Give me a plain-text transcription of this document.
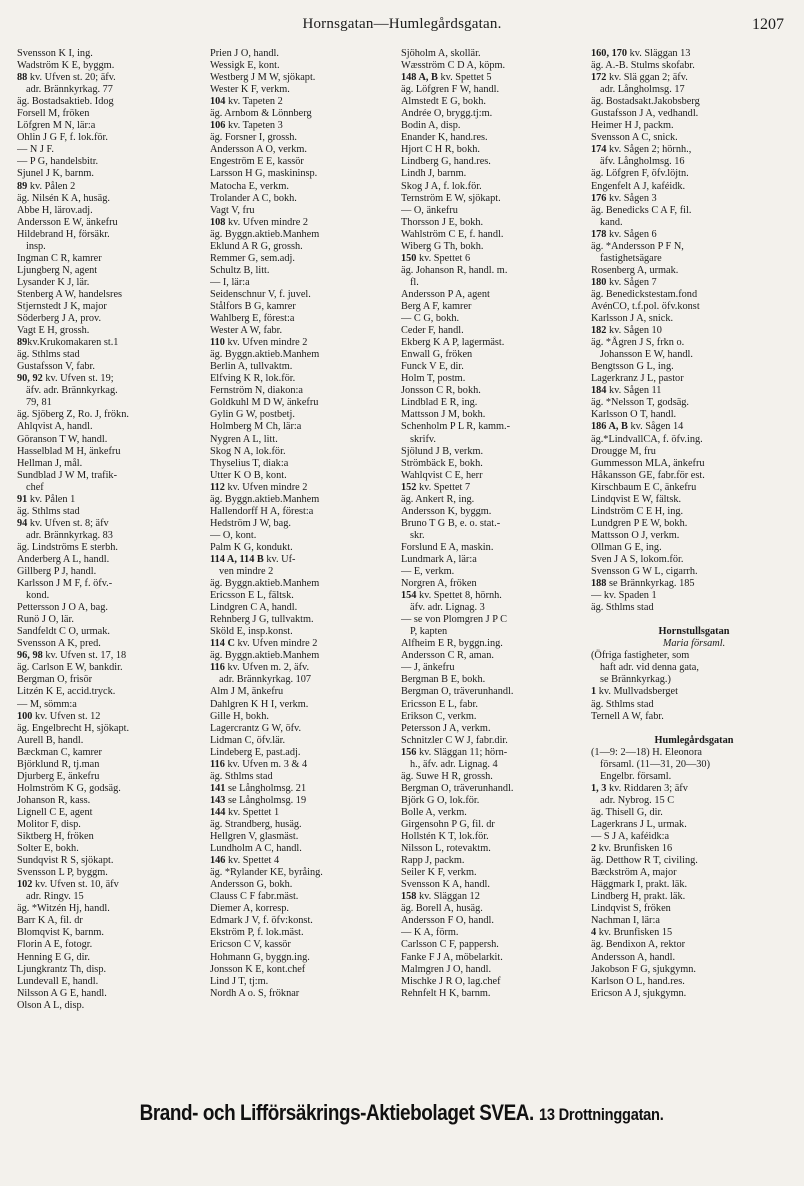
Hornsgatan—Humlegårdsgatan.	1207
Svensson K I, ing.
Wadström K E, byggm.
88 kv. Ufven st. 20; äfv.
adr. Brännkyrkag. 77
äg. Bostadsaktieb. Idog
Forsell M, fröken
Löfgren M N, lär:a
Ohlin J G F, f. lok.för.
— N J F.
— P G, handelsbitr.
Sjunel J K, barnm.
89 kv. Pålen 2
äg. Nilsén K A, husäg.
Abbe H, lärov.adj.
Andersson E W, änkefru
Hildebrand H, försäkr.
insp.
Ingman C R, kamrer
Ljungberg N, agent
Lysander K J, lär.
Stenberg A W, handelsres
Stjernstedt J K, major
Söderberg J A, prov.
Vagt E H, grossh.
89kv.Krukomakaren st.1
äg. Sthlms stad
Gustafsson V, fabr.
90, 92 kv. Ufven st. 19;
äfv. adr. Brännkyrkag.
79, 81
äg. Sjöberg Z, Ro. J, frökn.
Ahlqvist A, handl.
Göranson T W, handl.
Hasselblad M H, änkefru
Hellman J, mål.
Sundblad J W M, trafik-
chef
91 kv. Pålen 1
äg. Sthlms stad
94 kv. Ufven st. 8; äfv
adr. Brännkyrkag. 83
äg. Lindströms E sterbh.
Anderberg A L, handl.
Gillberg P J, handl.
Karlsson J M F, f. öfv.-
kond.
Pettersson J O A, bag.
Runö J O, lär.
Sandfeldt C O, urmak.
Svensson A K, pred.
96, 98 kv. Ufven st. 17, 18
äg. Carlson E W, bankdir.
Bergman O, frisör
Litzén K E, accid.tryck.
— M, sömm:a
100 kv. Ufven st. 12
äg. Engelbrecht H, sjökapt.
Aurell B, handl.
Bæckman C, kamrer
Björklund R, tj.man
Djurberg E, änkefru
Holmström K G, godsäg.
Johanson R, kass.
Lignell C E, agent
Molitor F, disp.
Siktberg H, fröken
Solter E, bokh.
Sundqvist R S, sjökapt.
Svensson L P, byggm.
102 kv. Ufven st. 10, äfv
adr. Ringv. 15
äg. *Witzén Hj, handl.
Barr K A, fil. dr
Blomqvist K, barnm.
Florin A E, fotogr.
Henning E G, dir.
Ljungkrantz Th, disp.
Lundevall E, handl.
Nilsson A G E, handl.
Olson A L, disp.
Prien J O, handl.
Wessigk E, kont.
Westberg J M W, sjökapt.
Wester K F, verkm.
104 kv. Tapeten 2
äg. Arnbom & Lönnberg
106 kv. Tapeten 3
äg. Forsner I, grossh.
Andersson A O, verkm.
Engeström E E, kassör
Larsson H G, maskininsp.
Matocha E, verkm.
Trolander A C, bokh.
Vagt V, fru
108 kv. Ufven mindre 2
äg. Byggn.aktieb.Manhem
Eklund A R G, grossh.
Remmer G, sem.adj.
Schultz B, litt.
— I, lär:a
Seidenschnur V, f. juvel.
Stålfors B G, kamrer
Wahlberg E, förest:a
Wester A W, fabr.
110 kv. Ufven mindre 2
äg. Byggn.aktieb.Manhem
Berlin A, tullvaktm.
Elfving K R, lok.för.
Fernström N, diakon:a
Goldkuhl M D W, änkefru
Gylin G W, postbetj.
Holmberg M Ch, lär:a
Nygren A L, litt.
Skog N A, lok.för.
Thyselius T, diak:a
Utter K O B, kont.
112 kv. Ufven mindre 2
äg. Byggn.aktieb.Manhem
Hallendorff H A, förest:a
Hedström J W, bag.
— O, kont.
Palm K G, kondukt.
114 A, 114 B kv. Uf-
ven mindre 2
äg. Byggn.aktieb.Manhem
Ericsson E L, fältsk.
Lindgren C A, handl.
Rehnberg J G, tullvaktm.
Sköld E, insp.konst.
114 C kv. Ufven mindre 2
äg. Byggn.aktieb.Manhem
116 kv. Ufven m. 2, äfv.
adr. Brännkyrkag. 107
Alm J M, änkefru
Dahlgren K H I, verkm.
Gille H, bokh.
Lagercrantz G W, öfv.
Lidman C, öfv.lär.
Lindeberg E, past.adj.
116 kv. Ufven m. 3 & 4
äg. Sthlms stad
141 se Långholmsg. 21
143 se Långholmsg. 19
144 kv. Spettet 1
äg. Strandberg, husäg.
Hellgren V, glasmäst.
Lundholm A C, handl.
146 kv. Spettet 4
äg. *Rylander KE, byråing.
Andersson G, bokh.
Clauss C F fabr.mäst.
Diemer A, korresp.
Edmark J V, f. öfv:konst.
Ekström P, f. lok.mäst.
Ericson C V, kassör
Hohmann G, byggn.ing.
Jonsson K E, kont.chef
Lind J T, tj:m.
Nordh A o. S, fröknar
Sjöholm A, skollär.
Wæsström C D A, köpm.
148 A, B kv. Spettet 5
äg. Löfgren F W, handl.
Almstedt E G, bokh.
Andrée O, brygg.tj:m.
Bodin A, disp.
Enander K, hand.res.
Hjort C H R, bokh.
Lindberg G, hand.res.
Lindh J, barnm.
Skog J A, f. lok.för.
Ternström E W, sjökapt.
— O, änkefru
Thorsson J E, bokh.
Wahlström C E, f. handl.
Wiberg G Th, bokh.
150 kv. Spettet 6
äg. Johanson R, handl. m.
fl.
Andersson P A, agent
Berg A F, kamrer
— C G, bokh.
Ceder F, handl.
Ekberg K A P, lagermäst.
Enwall G, fröken
Funck V E, dir.
Holm T, postm.
Jonsson C R, bokh.
Lindblad E R, ing.
Mattsson J M, bokh.
Schenholm P L R, kamm.-
skrifv.
Sjölund J B, verkm.
Strömbäck E, bokh.
Wahlqvist C E, herr
152 kv. Spettet 7
äg. Ankert R, ing.
Andersson K, byggm.
Bruno T G B, e. o. stat.-
skr.
Forslund E A, maskin.
Lundmark A, lär:a
— E, verkm.
Norgren A, fröken
154 kv. Spettet 8, hörnh.
äfv. adr. Lignag. 3
— se von Plomgren J P C
P, kapten
Alfheim E R, byggn.ing.
Andersson C R, aman.
— J, änkefru
Bergman B E, bokh.
Bergman O, träverunhandl.
Ericsson E L, fabr.
Erikson C, verkm.
Petersson J A, verkm.
Schnitzler C W J, fabr.dir.
156 kv. Släggan 11; hörn-
h., äfv. adr. Lignag. 4
äg. Suwe H R, grossh.
Bergman O, träverunhandl.
Björk G O, lok.för.
Bolle A, verkm.
Girgensohn P G, fil. dr
Hollstén K T, lok.för.
Nilsson L, rotevaktm.
Rapp J, packm.
Seiler K F, verkm.
Svensson K A, handl.
158 kv. Släggan 12
äg. Borell A, husäg.
Andersson F O, handl.
— K A, förm.
Carlsson C F, pappersh.
Fanke F J A, möbelarkit.
Malmgren J O, handl.
Mischke J R O, lag.chef
Rehnfelt H K, barnm.
160, 170 kv. Släggan 13
äg. A.-B. Stulms skofabr.
172 kv. Slä ggan 2; äfv.
adr. Långholmsg. 17
äg. Bostadsakt.Jakobsberg
Gustafsson J A, vedhandl.
Heimer H J, packm.
Svensson A C, snick.
174 kv. Sågen 2; hörnh.,
äfv. Långholmsg. 16
äg. Löfgren F, öfv.löjtn.
Engenfelt A J, kaféidk.
176 kv. Sågen 3
äg. Benedicks C A F, fil.
kand.
178 kv. Sågen 6
äg. *Andersson P F N,
fastighetsägare
Rosenberg A, urmak.
180 kv. Sågen 7
äg. Benedickstestam.fond
AvénCO, t.f.pol. öfv.konst
Karlsson J A, snick.
182 kv. Sågen 10
äg. *Ågren J S, frkn o.
Johansson E W, handl.
Bengtsson G L, ing.
Lagerkranz J L, pastor
184 kv. Sågen 11
äg. *Nelsson T, godsäg.
Karlsson O T, handl.
186 A, B kv. Sågen 14
äg.*LindvallCA, f. öfv.ing.
Drougge M, fru
Gummesson MLA, änkefru
Håkansson GE, fabr.för est.
Kirschbaum E C, änkefru
Lindqvist E W, fältsk.
Lindström C E H, ing.
Lundgren P E W, bokh.
Mattsson O J, verkm.
Ollman G E, ing.
Sven J A S, lokom.för.
Svensson G W L, cigarrh.
188 se Brännkyrkag. 185
— kv. Spaden 1
äg. Sthlms stad
Hornstullsgatan
Maria församl.
(Öfriga fastigheter, som
haft adr. vid denna gata,
se Brännkyrkag.)
1 kv. Mullvadsberget
äg. Sthlms stad
Ternell A W, fabr.
Humlegårdsgatan
(1—9: 2—18) H. Eleonora
församl. (11—31, 20—30)
Engelbr. församl.
1, 3 kv. Riddaren 3; äfv
adr. Nybrog. 15 C
äg. Thisell G, dir.
Lagerkrans J L, urmak.
— S J A, kaféidk:a
2 kv. Brunfisken 16
äg. Detthow R T, civiling.
Bæckström A, major
Häggmark I, prakt. läk.
Lindberg H, prakt. läk.
Lindqvist S, fröken
Nachman I, lär:a
4 kv. Brunfisken 15
äg. Bendixon A, rektor
Andersson A, handl.
Jakobson F G, sjukgymn.
Karlson O L, hand.res.
Ericson A J, sjukgymn.
Brand- och Lifförsäkrings-Aktiebolaget SVEA. 13 Drottninggatan.
